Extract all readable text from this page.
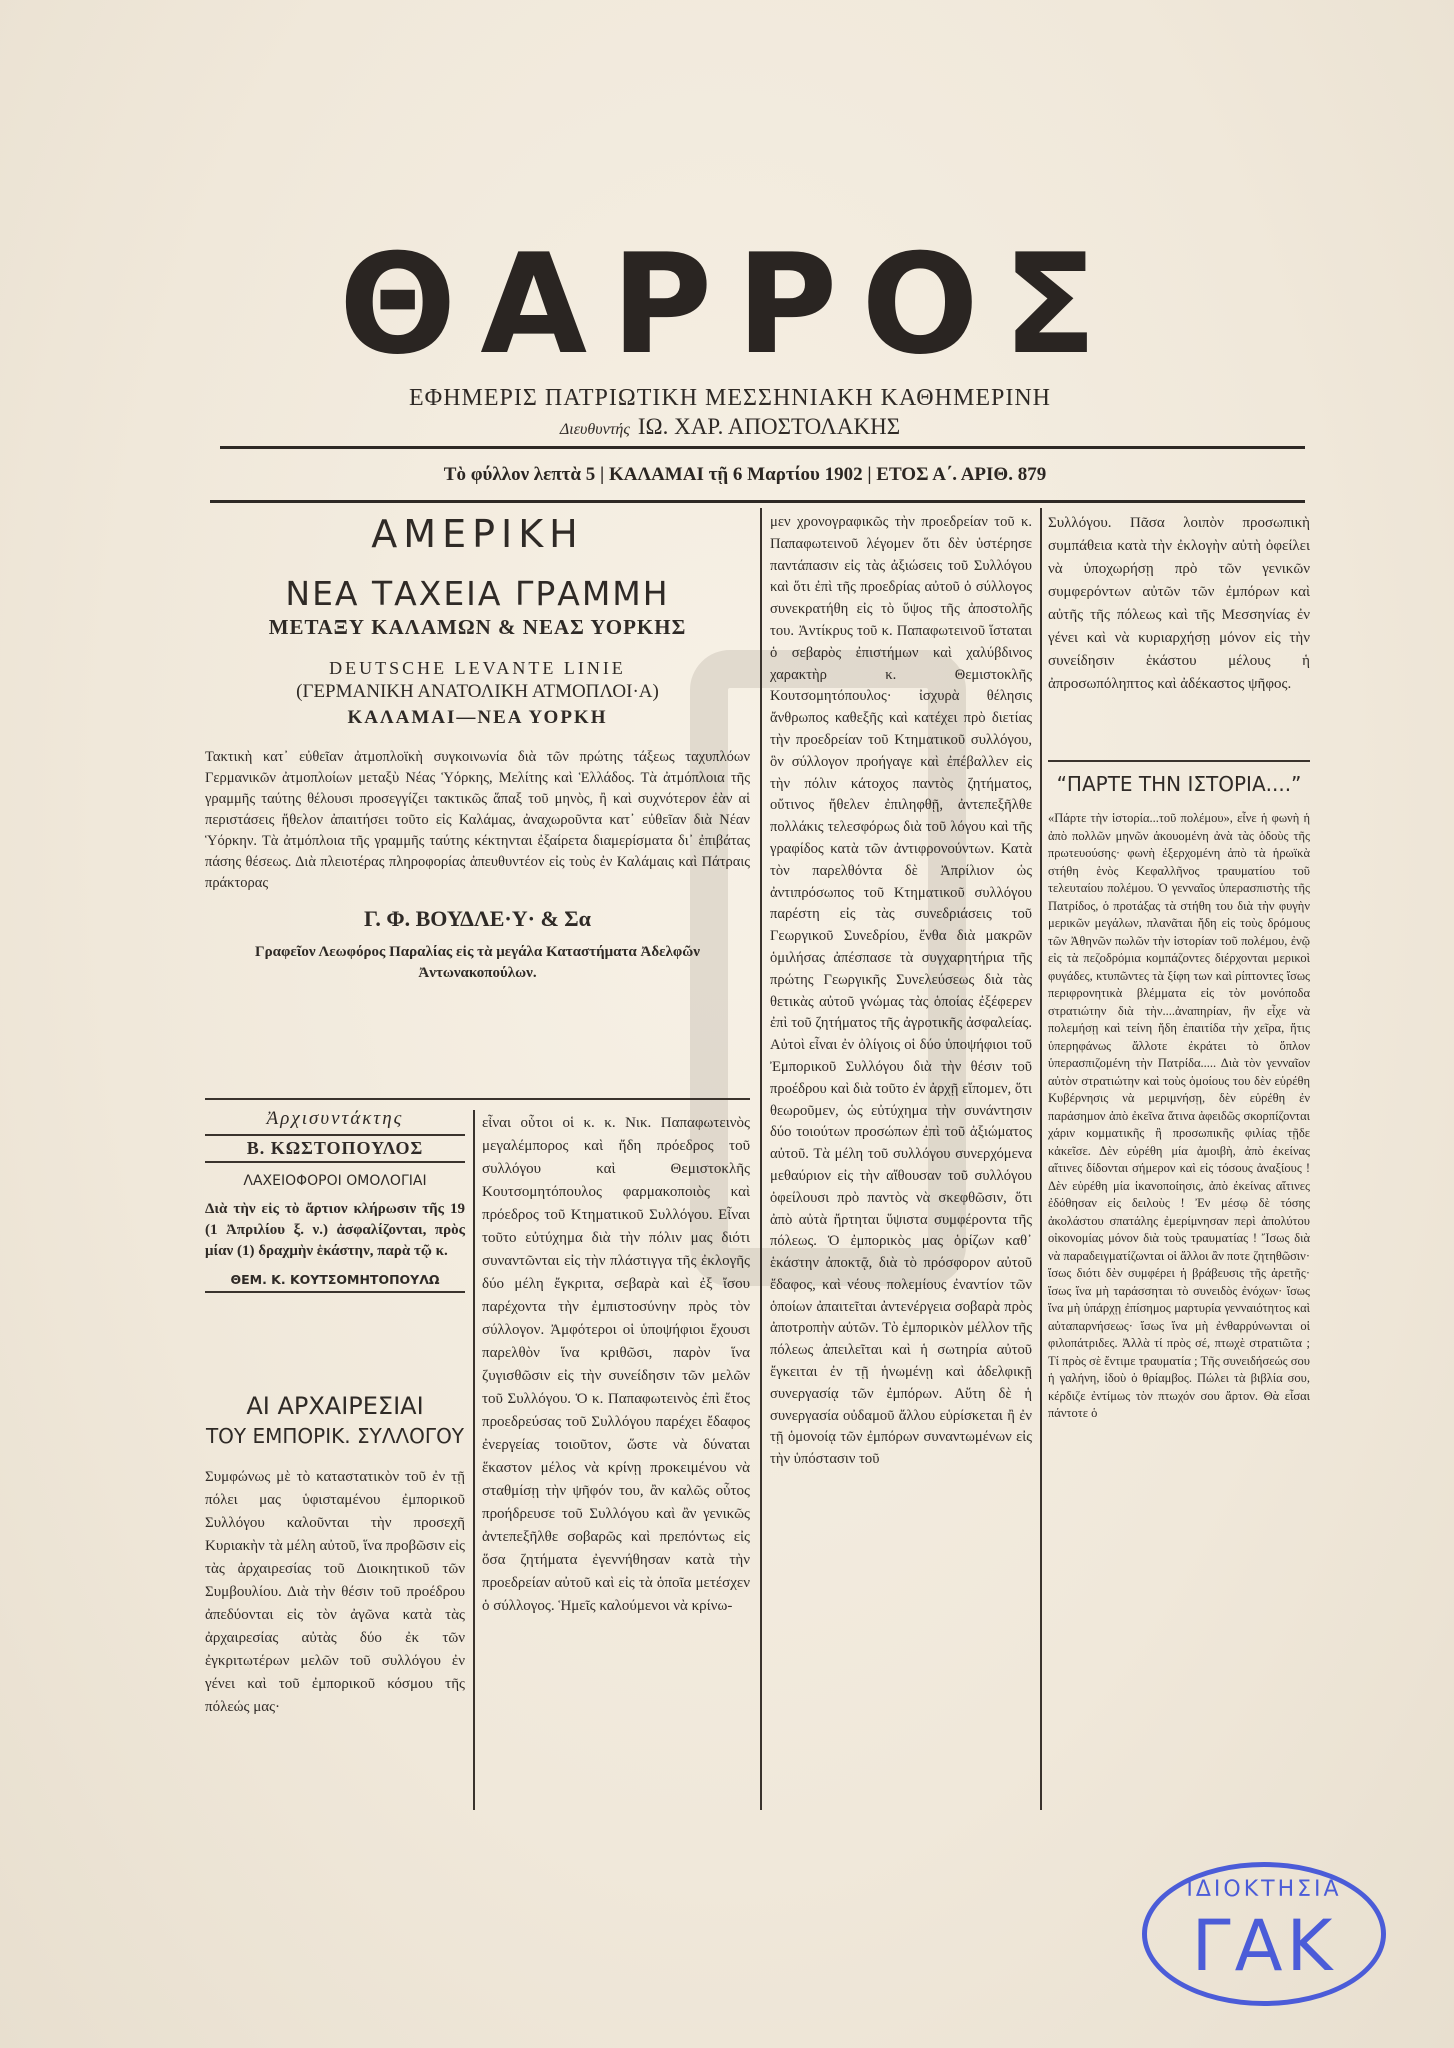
ΘΑΡΡΟΣ
ΕΦΗΜΕΡΙΣ ΠΑΤΡΙΩΤΙΚΗ ΜΕΣΣΗΝΙΑΚΗ ΚΑΘΗΜΕΡΙΝΗ
Διευθυντής ΙΩ. ΧΑΡ. ΑΠΟΣΤΟΛΑΚΗΣ
Τὸ φύλλον λεπτὰ 5 | ΚΑΛΑΜΑΙ τῇ 6 Μαρτίου 1902 | ΕΤΟΣ Α΄. ΑΡΙΘ. 879
ΑΜΕΡΙΚΗ
ΝΕΑ ΤΑΧΕΙΑ ΓΡΑΜΜΗ
ΜΕΤΑΞΥ ΚΑΛΑΜΩΝ & ΝΕΑΣ ΥΟΡΚΗΣ
DEUTSCHE LEVANTE LINIE
(ΓΕΡΜΑΝΙΚΗ ΑΝΑΤΟΛΙΚΗ ΑΤΜΟΠΛΟΙ·Α)
ΚΑΛΑΜΑΙ—ΝΕΑ ΥΟΡΚΗ

Τακτικὴ κατ᾿ εὐθεῖαν ἀτμοπλοϊκὴ συγκοινωνία διὰ τῶν πρώτης τάξεως ταχυπλόων Γερμανικῶν ἀτμοπλοίων μεταξὺ Νέας Ὑόρκης, Μελίτης καὶ Ἑλλάδος. Τὰ ἀτμόπλοια τῆς γραμμῆς ταύτης θέλουσι προσεγγίζει τακτικῶς ἅπαξ τοῦ μηνὸς, ἢ καὶ συχνότερον ἐὰν αἱ περιστάσεις ἤθελον ἀπαιτήσει τοῦτο εἰς Καλάμας, ἀναχωροῦντα κατ᾿ εὐθεῖαν διὰ Νέαν Ὑόρκην. Τὰ ἀτμόπλοια τῆς γραμμῆς ταύτης κέκτηνται ἐξαίρετα διαμερίσματα δι᾿ ἐπιβάτας πάσης θέσεως. Διὰ πλειοτέρας πληροφορίας ἀπευθυντέον εἰς τοὺς ἐν Καλάμαις καὶ Πάτραις πράκτορας

Γ. Φ. ΒΟΥΔΛΕ·Υ· & Σα

Γραφεῖον Λεωφόρος Παραλίας εἰς τὰ μεγάλα Καταστήματα Ἀδελφῶν Ἀντωνακοπούλων.

Ἀρχισυντάκτης
Β. ΚΩΣΤΟΠΟΥΛΟΣ
ΛΑΧΕΙΟΦΟΡΟΙ ΟΜΟΛΟΓΙΑΙ

Διὰ τὴν εἰς τὸ ἄρτιον κλήρωσιν τῆς 19 (1 Ἀπριλίου ξ. ν.) ἀσφαλίζονται, πρὸς μίαν (1) δραχμὴν ἑκάστην, παρὰ τῷ κ.

ΘΕΜ. Κ. ΚΟΥΤΣΟΜΗΤΟΠΟΥΛΩ
ΑΙ ΑΡΧΑΙΡΕΣΙΑΙ
ΤΟΥ ΕΜΠΟΡΙΚ. ΣΥΛΛΟΓΟΥ

Συμφώνως μὲ τὸ καταστατικὸν τοῦ ἐν τῇ πόλει μας ὑφισταμένου ἐμπορικοῦ Συλλόγου καλοῦνται τὴν προσεχῆ Κυριακὴν τὰ μέλη αὐτοῦ, ἵνα προβῶσιν εἰς τὰς ἀρχαιρεσίας τοῦ Διοικητικοῦ τῶν Συμβουλίου. Διὰ τὴν θέσιν τοῦ προέδρου ἀπεδύονται εἰς τὸν ἀγῶνα κατὰ τὰς ἀρχαιρεσίας αὐτὰς δύο ἐκ τῶν ἐγκριτωτέρων μελῶν τοῦ συλλόγου ἐν γένει καὶ τοῦ ἐμπορικοῦ κόσμου τῆς πόλεώς μας·

εἶναι οὗτοι οἱ κ. κ. Νικ. Παπαφωτεινὸς μεγαλέμπορος καὶ ἤδη πρόεδρος τοῦ συλλόγου καὶ Θεμιστοκλῆς Κουτσομητόπουλος φαρμακοποιὸς καὶ πρόεδρος τοῦ Κτηματικοῦ Συλλόγου. Εἶναι τοῦτο εὐτύχημα διὰ τὴν πόλιν μας διότι συναντῶνται εἰς τὴν πλάστιγγα τῆς ἐκλογῆς δύο μέλη ἔγκριτα, σεβαρὰ καὶ ἐξ ἴσου παρέχοντα τὴν ἐμπιστοσύνην πρὸς τὸν σύλλογον. Ἀμφότεροι οἱ ὑποψήφιοι ἔχουσι παρελθὸν ἵνα κριθῶσι, παρὸν ἵνα ζυγισθῶσιν εἰς τὴν συνείδησιν τῶν μελῶν τοῦ Συλλόγου. Ὁ κ. Παπαφωτεινὸς ἐπὶ ἔτος προεδρεύσας τοῦ Συλλόγου παρέχει ἔδαφος ἐνεργείας τοιοῦτον, ὥστε νὰ δύναται ἕκαστον μέλος νὰ κρίνῃ προκειμένου νὰ σταθμίσῃ τὴν ψῆφόν του, ἂν καλῶς οὗτος προήδρευσε τοῦ Συλλόγου καὶ ἂν γενικῶς ἀντεπεξῆλθε σοβαρῶς καὶ πρεπόντως εἰς ὅσα ζητήματα ἐγεννήθησαν κατὰ τὴν προεδρείαν αὐτοῦ καὶ εἰς τὰ ὁποῖα μετέσχεν ὁ σύλλογος. Ἡμεῖς καλούμενοι νὰ κρίνω-

μεν χρονογραφικῶς τὴν προεδρείαν τοῦ κ. Παπαφωτεινοῦ λέγομεν ὅτι δὲν ὑστέρησε παντάπασιν εἰς τὰς ἀξιώσεις τοῦ Συλλόγου καὶ ὅτι ἐπὶ τῆς προεδρίας αὐτοῦ ὁ σύλλογος συνεκρατήθη εἰς τὸ ὕψος τῆς ἀποστολῆς του. Ἀντίκρυς τοῦ κ. Παπαφωτεινοῦ ἵσταται ὁ σεβαρὸς ἐπιστήμων καὶ χαλύβδινος χαρακτὴρ κ. Θεμιστοκλῆς Κουτσομητόπουλος· ἰσχυρὰ θέλησις ἄνθρωπος καθεξῆς καὶ κατέχει πρὸ διετίας τὴν προεδρείαν τοῦ Κτηματικοῦ συλλόγου, ὃν σύλλογον προήγαγε καὶ ἐπέβαλλεν εἰς τὴν πόλιν κάτοχος παντὸς ζητήματος, οὔτινος ἤθελεν ἐπιληφθῇ, ἀντεπεξῆλθε πολλάκις τελεσφόρως διὰ τοῦ λόγου καὶ τῆς γραφίδος κατὰ τῶν ἀντιφρονούντων. Κατὰ τὸν παρελθόντα δὲ Ἀπρίλιον ὡς ἀντιπρόσωπος τοῦ Κτηματικοῦ συλλόγου παρέστη εἰς τὰς συνεδριάσεις τοῦ Γεωργικοῦ Συνεδρίου, ἔνθα διὰ μακρῶν ὁμιλήσας ἀπέσπασε τὰ συγχαρητήρια τῆς πρώτης Γεωργικῆς Συνελεύσεως διὰ τὰς θετικὰς αὐτοῦ γνώμας τὰς ὁποίας ἐξέφερεν ἐπὶ τοῦ ζητήματος τῆς ἀγροτικῆς ἀσφαλείας. Αὐτοὶ εἶναι ἐν ὀλίγοις οἱ δύο ὑποψήφιοι τοῦ Ἐμπορικοῦ Συλλόγου διὰ τὴν θέσιν τοῦ προέδρου καὶ διὰ τοῦτο ἐν ἀρχῇ εἴπομεν, ὅτι θεωροῦμεν, ὡς εὐτύχημα τὴν συνάντησιν δύο τοιούτων προσώπων ἐπὶ τοῦ ἀξιώματος αὐτοῦ. Τὰ μέλη τοῦ συλλόγου συνερχόμενα μεθαύριον εἰς τὴν αἴθουσαν τοῦ συλλόγου ὀφείλουσι πρὸ παντὸς νὰ σκεφθῶσιν, ὅτι ἀπὸ αὐτὰ ἤρτηται ὕψιστα συμφέροντα τῆς πόλεως. Ὁ ἐμπορικὸς μας ὁρίζων καθ᾿ ἑκάστην ἀποκτᾷ, διὰ τὸ πρόσφορον αὐτοῦ ἔδαφος, καὶ νέους πολεμίους ἐναντίον τῶν ὁποίων ἀπαιτεῖται ἀντενέργεια σοβαρὰ πρὸς ἀποτροπὴν αὐτῶν. Τὸ ἐμπορικὸν μέλλον τῆς πόλεως ἀπειλεῖται καὶ ἡ σωτηρία αὐτοῦ ἔγκειται ἐν τῇ ἡνωμένῃ καὶ ἀδελφικῇ συνεργασίᾳ τῶν ἐμπόρων. Αὕτη δὲ ἡ συνεργασία οὐδαμοῦ ἄλλου εὑρίσκεται ἢ ἐν τῇ ὁμονοίᾳ τῶν ἐμπόρων συναντωμένων εἰς τὴν ὑπόστασιν τοῦ

Συλλόγου. Πᾶσα λοιπὸν προσωπικὴ συμπάθεια κατὰ τὴν ἐκλογὴν αὐτὴ ὀφείλει νὰ ὑποχωρήσῃ πρὸ τῶν γενικῶν συμφερόντων αὐτῶν τῶν ἐμπόρων καὶ αὐτῆς τῆς πόλεως καὶ τῆς Μεσσηνίας ἐν γένει καὶ νὰ κυριαρχήσῃ μόνον εἰς τὴν συνείδησιν ἑκάστου μέλους ἡ ἀπροσωπόληπτος καὶ ἀδέκαστος ψῆφος.

“ΠΑΡΤΕ ΤΗΝ ΙΣΤΟΡΙΑ....”

«Πάρτε τὴν ἱστορία...τοῦ πολέμου», εἶνε ἡ φωνὴ ἡ ἀπὸ πολλῶν μηνῶν ἀκουομένη ἀνὰ τὰς ὁδοὺς τῆς πρωτευούσης· φωνὴ ἐξερχομένη ἀπὸ τὰ ἡρωϊκὰ στήθη ἑνὸς Κεφαλλῆνος τραυματίου τοῦ τελευταίου πολέμου. Ὁ γενναῖος ὑπερασπιστὴς τῆς Πατρίδος, ὁ προτάξας τὰ στήθη του διὰ τὴν φυγὴν μερικῶν μεγάλων, πλανᾶται ἤδη εἰς τοὺς δρόμους τῶν Ἀθηνῶν πωλῶν τὴν ἱστορίαν τοῦ πολέμου, ἐνῷ εἰς τὰ πεζοδρόμια κομπάζοντες διέρχονται μερικοὶ φυγάδες, κτυπῶντες τὰ ξίφη των καὶ ρίπτοντες ἴσως περιφρονητικὰ βλέμματα εἰς τὸν μονόποδα στρατιώτην διὰ τὴν....ἀναπηρίαν, ἣν εἶχε νὰ πολεμήσῃ καὶ τείνη ἤδη ἐπαιτίδα τὴν χεῖρα, ἥτις ὑπερηφάνως ἄλλοτε ἐκράτει τὸ ὅπλον ὑπερασπιζομένη τὴν Πατρίδα..... Διὰ τὸν γενναῖον αὐτὸν στρατιώτην καὶ τοὺς ὁμοίους του δὲν εὑρέθη Κυβέρνησις νὰ μεριμνήσῃ, δὲν εὑρέθη ἐν παράσημον ἀπὸ ἐκεῖνα ἅτινα ἀφειδῶς σκορπίζονται χάριν κομματικῆς ἢ προσωπικῆς φιλίας τῇδε κἀκεῖσε. Δὲν εὑρέθη μία ἀμοιβὴ, ἀπὸ ἐκείνας αἵτινες δίδονται σήμερον καὶ εἰς τόσους ἀναξίους ! Δὲν εὑρέθη μία ἱκανοποίησις, ἀπὸ ἐκείνας αἵτινες ἐδόθησαν εἰς δειλοὺς ! Ἐν μέσῳ δὲ τόσης ἀκολάστου σπατάλης ἐμερίμνησαν περὶ ἀπολύτου οἰκονομίας μόνον διὰ τοὺς τραυματίας ! Ἴσως διὰ νὰ παραδειγματίζωνται οἱ ἄλλοι ἂν ποτε ζητηθῶσιν· ἴσως διότι δὲν συμφέρει ἡ βράβευσις τῆς ἀρετῆς· ἴσως ἵνα μὴ ταράσσηται τὸ συνειδὸς ἐνόχων· ἴσως ἵνα μὴ ὑπάρχῃ ἐπίσημος μαρτυρία γενναιότητος καὶ αὐταπαρνήσεως· ἴσως ἵνα μὴ ἐνθαρρύνωνται οἱ φιλοπάτριδες. Ἀλλὰ τί πρὸς σέ, πτωχὲ στρατιῶτα ; Τί πρὸς σὲ ἔντιμε τραυματία ; Τῆς συνειδήσεώς σου ἡ γαλήνη, ἰδοὺ ὁ θρίαμβος. Πώλει τὰ βιβλία σου, κέρδιζε ἐντίμως τὸν πτωχόν σου ἄρτον. Θὰ εἶσαι πάντοτε ὁ

ΙΔΙΟΚΤΗΣΙΑ
ΓΑΚ
